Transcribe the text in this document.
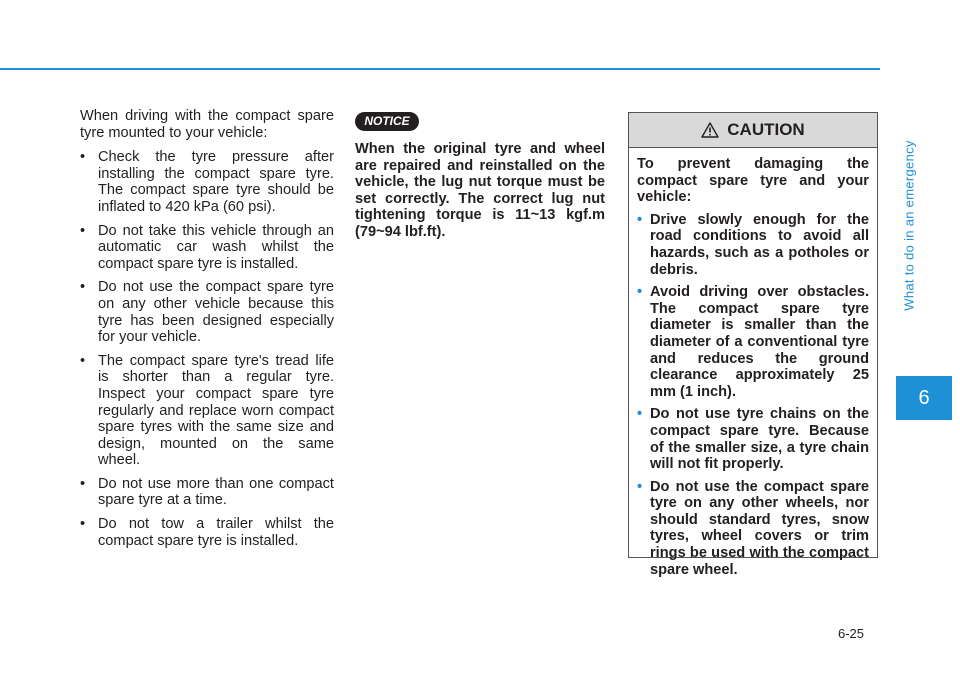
When driving with the compact spare tyre mounted to your vehicle:

• Check the tyre pressure after installing the compact spare tyre. The compact spare tyre should be inflated to 420 kPa (60 psi).
• Do not take this vehicle through an automatic car wash whilst the compact spare tyre is installed.
• Do not use the compact spare tyre on any other vehicle because this tyre has been designed especially for your vehicle.
• The compact spare tyre's tread life is shorter than a regular tyre. Inspect your compact spare tyre regularly and replace worn compact spare tyres with the same size and design, mounted on the same wheel.
• Do not use more than one compact spare tyre at a time.
• Do not tow a trailer whilst the compact spare tyre is installed.
NOTICE

When the original tyre and wheel are repaired and reinstalled on the vehicle, the lug nut torque must be set correctly. The correct lug nut tightening torque is 11~13 kgf.m (79~94 lbf.ft).

CAUTION

To prevent damaging the compact spare tyre and your vehicle:

• Drive slowly enough for the road conditions to avoid all hazards, such as a potholes or debris.
• Avoid driving over obstacles. The compact spare tyre diameter is smaller than the diameter of a conventional tyre and reduces the ground clearance approximately 25 mm (1 inch).
• Do not use tyre chains on the compact spare tyre. Because of the smaller size, a tyre chain will not fit properly.
• Do not use the compact spare tyre on any other wheels, nor should standard tyres, snow tyres, wheel covers or trim rings be used with the compact spare wheel.
What to do in an emergency
6
6-25
